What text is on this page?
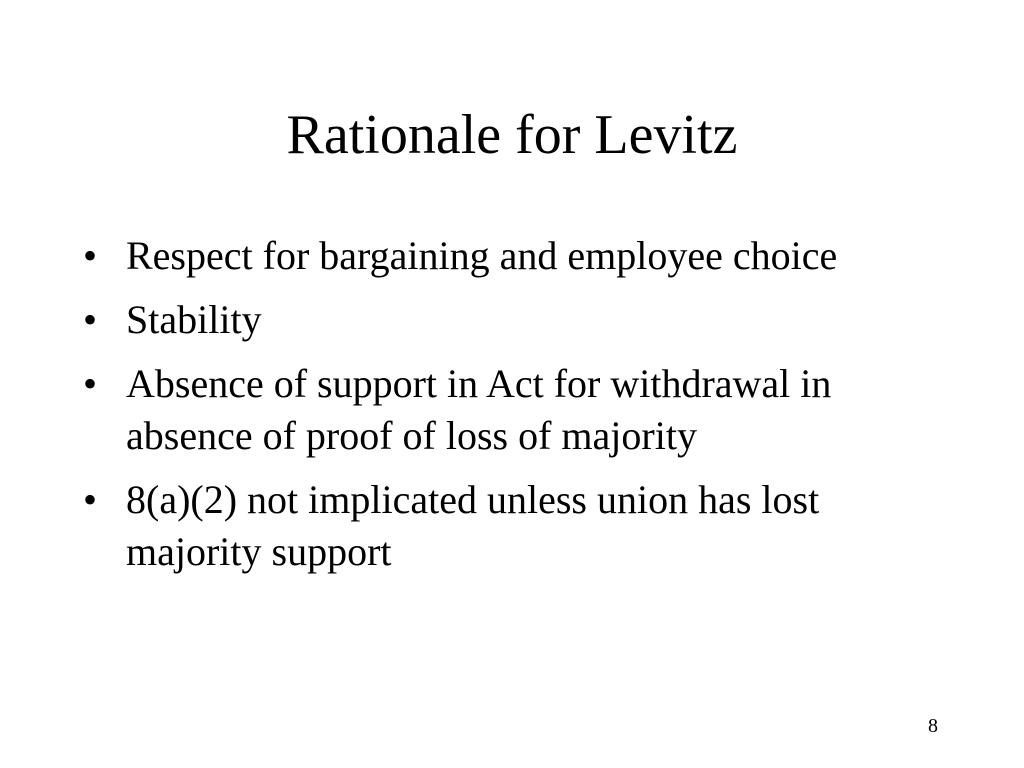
Rationale for Levitz
• Respect for bargaining and employee choice
• Stability
• Absence of support in Act for withdrawal in absence of proof of loss of majority
• 8(a)(2) not implicated unless union has lost majority support
8
